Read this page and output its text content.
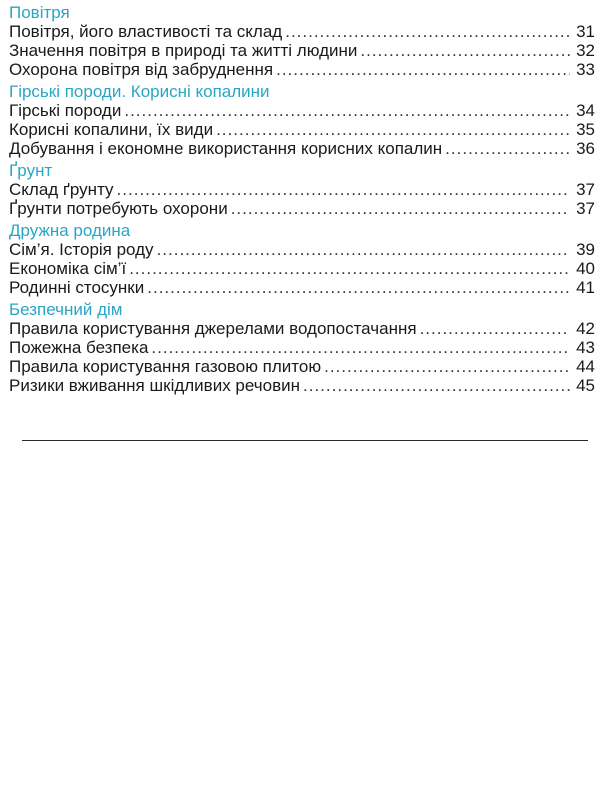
Повітря
Повітря, його властивості та склад .....	31
Значення повітря в природі та житті людини .....	32
Охорона повітря від забруднення .....	33
Гірські породи. Корисні копалини
Гірські породи .....	34
Корисні копалини, їх види .....	35
Добування і економне використання корисних копалин .....	36
Ґрунт
Склад ґрунту .....	37
Ґрунти потребують охорони .....	37
Дружна родина
Сім’я. Історія роду .....	39
Економіка сім’ї .....	40
Родинні стосунки .....	41
Безпечний дім
Правила користування джерелами водопостачання .....	42
Пожежна безпека .....	43
Правила користування газовою плитою .....	44
Ризики вживання шкідливих речовин .....	45
